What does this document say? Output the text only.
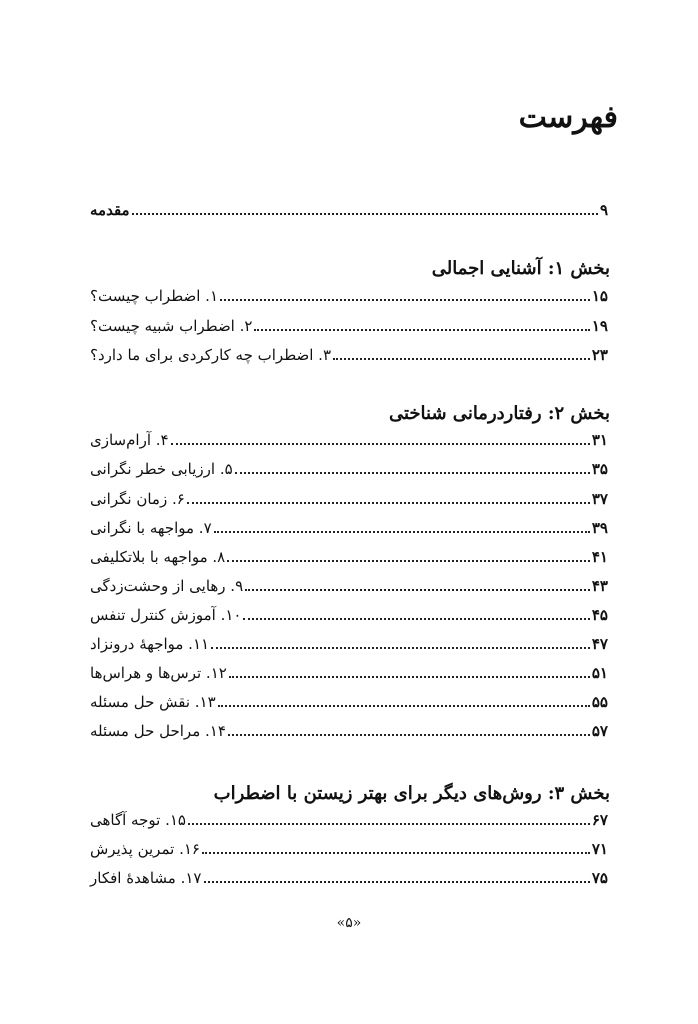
فهرست
مقدمه	۹
بخش ۱: آشنایی اجمالی
۱. اضطراب چیست؟	۱۵
۲. اضطراب شبیه چیست؟	۱۹
۳. اضطراب چه کارکردی برای ما دارد؟	۲۳
بخش ۲: رفتاردرمانی شناختی
۴. آرام‌سازی	۳۱
۵. ارزیابی خطر نگرانی	۳۵
۶. زمان نگرانی	۳۷
۷. مواجهه با نگرانی	۳۹
۸. مواجهه با بلاتکلیفی	۴۱
۹. رهایی از وحشت‌زدگی	۴۳
۱۰. آموزش کنترل تنفس	۴۵
۱۱. مواجهۀ درونزاد	۴۷
۱۲. ترس‌ها و هراس‌ها	۵۱
۱۳. نقش حل مسئله	۵۵
۱۴. مراحل حل مسئله	۵۷
بخش ۳: روش‌های دیگر برای بهتر زیستن با اضطراب
۱۵. توجه آگاهی	۶۷
۱۶. تمرین پذیرش	۷۱
۱۷. مشاهدۀ افکار	۷۵
«۵»
